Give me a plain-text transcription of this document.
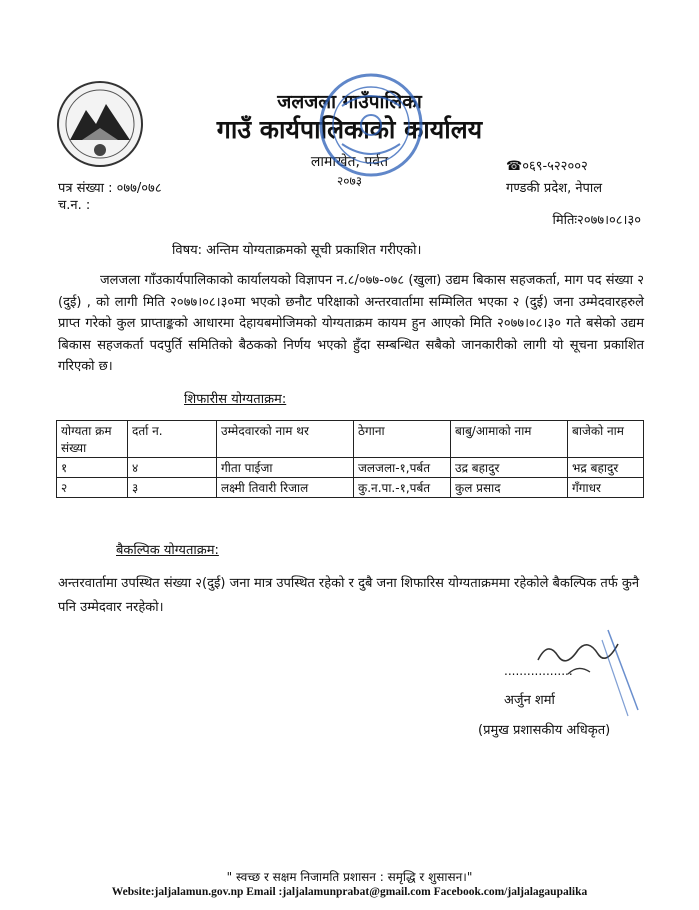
जलजला गाउँपालिका
गाउँ कार्यपालिकाको कार्यालय
लामाखेत, पर्वत
२०७३
☎०६९-५२२००२
गण्डकी प्रदेश, नेपाल
पत्र संख्या : ०७७/०७८
च.न. :
मितिः२०७७।०८।३०
विषय: अन्तिम योग्यताक्रमको सूची प्रकाशित गरीएको।
जलजला गाँउकार्यपालिकाको कार्यालयको विज्ञापन न.८/०७७-०७८ (खुला) उद्यम बिकास सहजकर्ता, माग पद संख्या २ (दुई) , को लागी मिति २०७७।०८।३०मा भएको छनौट परिक्षाको अन्तरवार्तामा सम्मिलित भएका २ (दुई) जना उम्मेदवारहरुले प्राप्त गरेको कुल प्राप्ताङ्कको आधारमा देहायबमोजिमको योग्यताक्रम कायम हुन आएको मिति २०७७।०८।३० गते बसेको उद्यम बिकास सहजकर्ता पदपुर्ति समितिको बैठकको निर्णय भएको हुँदा सम्बन्धित सबैको जानकारीको लागी यो सूचना प्रकाशित गरिएको छ।
शिफारीस योग्यताक्रम:
योग्यता क्रम संख्या	दर्ता न.	उम्मेदवारको नाम थर	ठेगाना	बाबु/आमाको नाम	बाजेको नाम
१	४	गीता पाईजा	जलजला-१,पर्बत	उद्र बहादुर	भद्र बहादुर
२	३	लक्ष्मी तिवारी रिजाल	कु.न.पा.-१,पर्बत	कुल प्रसाद	गँगाधर
बैकल्पिक योग्यताक्रम:
अन्तरवार्तामा उपस्थित संख्या २(दुई) जना मात्र उपस्थित रहेको र दुबै जना शिफारिस योग्यताक्रममा रहेकोले बैकल्पिक तर्फ कुनै पनि उम्मेदवार नरहेको।
..................
अर्जुन शर्मा
(प्रमुख प्रशासकीय अधिकृत)
" स्वच्छ र सक्षम निजामति प्रशासन : समृद्धि र शुसासन।"
Website:jaljalamun.gov.np Email :jaljalamunprabat@gmail.com Facebook.com/jaljalagaupalika
